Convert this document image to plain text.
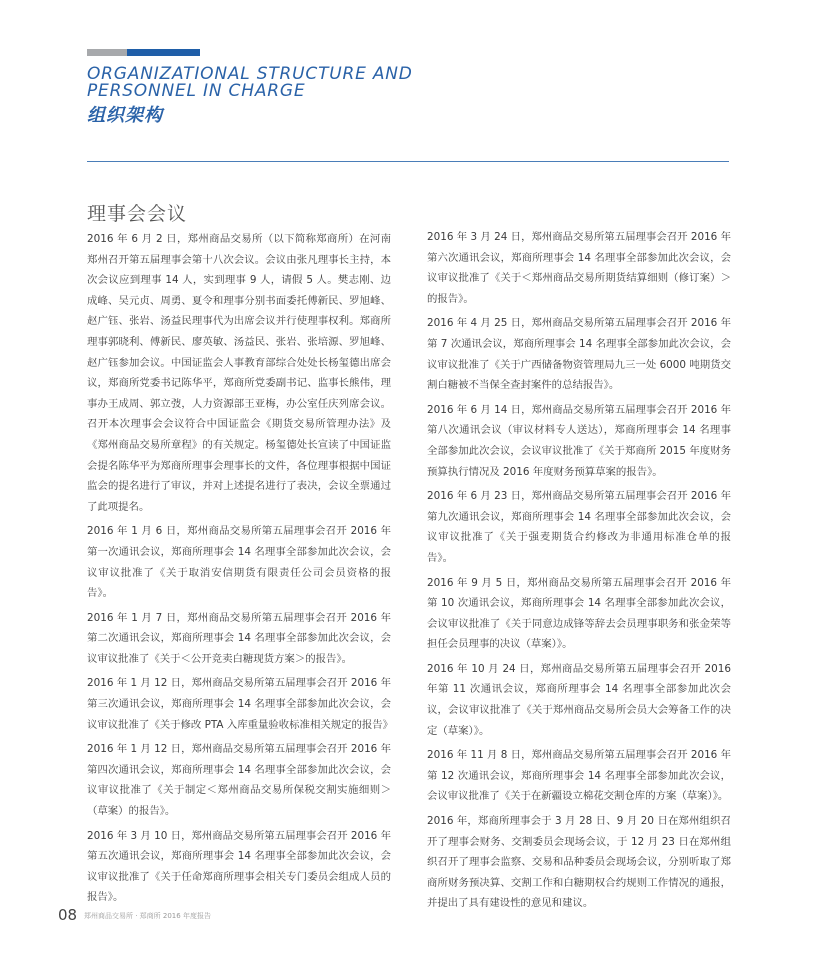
ORGANIZATIONAL STRUCTURE AND PERSONNEL IN CHARGE
组织架构
理事会会议

2016 年 6 月 2 日，郑州商品交易所（以下简称郑商所）在河南郑州召开第五届理事会第十八次会议。会议由张凡理事长主持，本次会议应到理事 14 人，实到理事 9 人，请假 5 人。樊志刚、边成峰、吴元贞、周勇、夏令和理事分别书面委托傅新民、罗旭峰、赵广钰、张岩、汤益民理事代为出席会议并行使理事权利。郑商所理事郭晓利、傅新民、廖英敏、汤益民、张岩、张培源、罗旭峰、赵广钰参加会议。中国证监会人事教育部综合处处长杨玺德出席会议，郑商所党委书记陈华平，郑商所党委副书记、监事长熊伟，理事办王成周、郭立弢，人力资源部王亚梅，办公室任庆列席会议。召开本次理事会会议符合中国证监会《期货交易所管理办法》及《郑州商品交易所章程》的有关规定。杨玺德处长宣读了中国证监会提名陈华平为郑商所理事会理事长的文件，各位理事根据中国证监会的提名进行了审议，并对上述提名进行了表决，会议全票通过了此项提名。

2016 年 1 月 6 日，郑州商品交易所第五届理事会召开 2016 年第一次通讯会议，郑商所理事会 14 名理事全部参加此次会议，会议审议批准了《关于取消安信期货有限责任公司会员资格的报告》。

2016 年 1 月 7 日，郑州商品交易所第五届理事会召开 2016 年第二次通讯会议，郑商所理事会 14 名理事全部参加此次会议，会议审议批准了《关于＜公开竞卖白糖现货方案＞的报告》。

2016 年 1 月 12 日，郑州商品交易所第五届理事会召开 2016 年第三次通讯会议，郑商所理事会 14 名理事全部参加此次会议，会议审议批准了《关于修改 PTA 入库重量验收标准相关规定的报告》

2016 年 1 月 12 日，郑州商品交易所第五届理事会召开 2016 年第四次通讯会议，郑商所理事会 14 名理事全部参加此次会议，会议审议批准了《关于制定＜郑州商品交易所保税交割实施细则＞（草案）的报告》。

2016 年 3 月 10 日，郑州商品交易所第五届理事会召开 2016 年第五次通讯会议，郑商所理事会 14 名理事全部参加此次会议，会议审议批准了《关于任命郑商所理事会相关专门委员会组成人员的报告》。

2016 年 3 月 24 日，郑州商品交易所第五届理事会召开 2016 年第六次通讯会议，郑商所理事会 14 名理事全部参加此次会议，会议审议批准了《关于＜郑州商品交易所期货结算细则（修订案）＞的报告》。

2016 年 4 月 25 日，郑州商品交易所第五届理事会召开 2016 年第 7 次通讯会议，郑商所理事会 14 名理事全部参加此次会议，会议审议批准了《关于广西储备物资管理局九三一处 6000 吨期货交割白糖被不当保全查封案件的总结报告》。

2016 年 6 月 14 日，郑州商品交易所第五届理事会召开 2016 年第八次通讯会议（审议材料专人送达），郑商所理事会 14 名理事全部参加此次会议，会议审议批准了《关于郑商所 2015 年度财务预算执行情况及 2016 年度财务预算草案的报告》。

2016 年 6 月 23 日，郑州商品交易所第五届理事会召开 2016 年第九次通讯会议，郑商所理事会 14 名理事全部参加此次会议，会议审议批准了《关于强麦期货合约修改为非通用标准仓单的报告》。

2016 年 9 月 5 日，郑州商品交易所第五届理事会召开 2016 年第 10 次通讯会议，郑商所理事会 14 名理事全部参加此次会议，会议审议批准了《关于同意边成锋等辞去会员理事职务和张金荣等担任会员理事的决议（草案）》。

2016 年 10 月 24 日，郑州商品交易所第五届理事会召开 2016 年第 11 次通讯会议，郑商所理事会 14 名理事全部参加此次会议，会议审议批准了《关于郑州商品交易所会员大会筹备工作的决定（草案）》。

2016 年 11 月 8 日，郑州商品交易所第五届理事会召开 2016 年第 12 次通讯会议，郑商所理事会 14 名理事全部参加此次会议，会议审议批准了《关于在新疆设立棉花交割仓库的方案（草案）》。

2016 年，郑商所理事会于 3 月 28 日、9 月 20 日在郑州组织召开了理事会财务、交割委员会现场会议，于 12 月 23 日在郑州组织召开了理事会监察、交易和品种委员会现场会议，分别听取了郑商所财务预决算、交割工作和白糖期权合约规则工作情况的通报，并提出了具有建设性的意见和建议。

08 郑州商品交易所 · 郑商所 2016 年度报告
